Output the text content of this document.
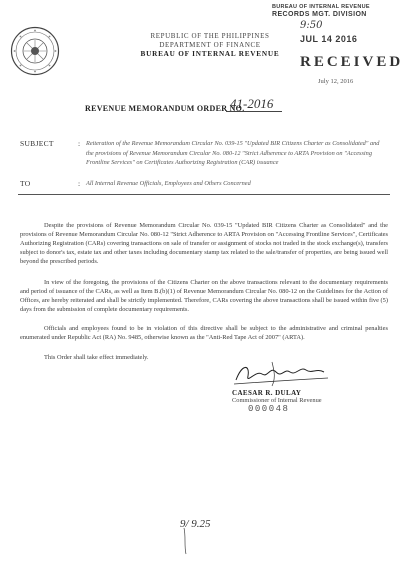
REPUBLIC OF THE PHILIPPINES
DEPARTMENT OF FINANCE
BUREAU OF INTERNAL REVENUE
BUREAU OF INTERNAL REVENUE
RECORDS MGT. DIVISION
9:50
JUL 14 2016
RECEIVED
July 12, 2016
REVENUE MEMORANDUM ORDER NO.
41-2016
SUBJECT	: Reiteration of the Revenue Memorandum Circular No. 039-15 "Updated BIR Citizens Charter as Consolidated" and the provisions of Revenue Memorandum Circular No. 080-12 "Strict Adherence to ARTA Provision on "Accessing Frontline Services" on Certificates Authorizing Registration (CAR) issuance
TO	: All Internal Revenue Officials, Employees and Others Concerned
Despite the provisions of Revenue Memorandum Circular No. 039-15 "Updated BIR Citizens Charter as Consolidated" and the provisions of Revenue Memorandum Circular No. 080-12 "Strict Adherence to ARTA Provision on "Accessing Frontline Services", Certificates Authorizing Registration (CARs) covering transactions on sale of transfer or assignment of stocks not traded in the stock exchange(s), transfers subject to donor's tax, estate tax and other taxes including documentary stamp tax related to the sale/transfer of properties, are being issued well beyond the prescribed periods.
In view of the foregoing, the provisions of the Citizens Charter on the above transactions relevant to the documentary requirements and period of issuance of the CARs, as well as Item B.(b)(1) of Revenue Memorandum Circular No. 080-12 on the Guidelines for the Action of Offices, are hereby reiterated and shall be strictly implemented. Therefore, CARs covering the above transactions shall be issued within five (5) days from the submission of complete documentary requirements.
Officials and employees found to be in violation of this directive shall be subject to the administrative and criminal penalties enumerated under Republic Act (RA) No. 9485, otherwise known as the "Anti-Red Tape Act of 2007" (ARTA).
This Order shall take effect immediately.
CAESAR R. DULAY
Commissioner of Internal Revenue
000048
9/ 9.25
